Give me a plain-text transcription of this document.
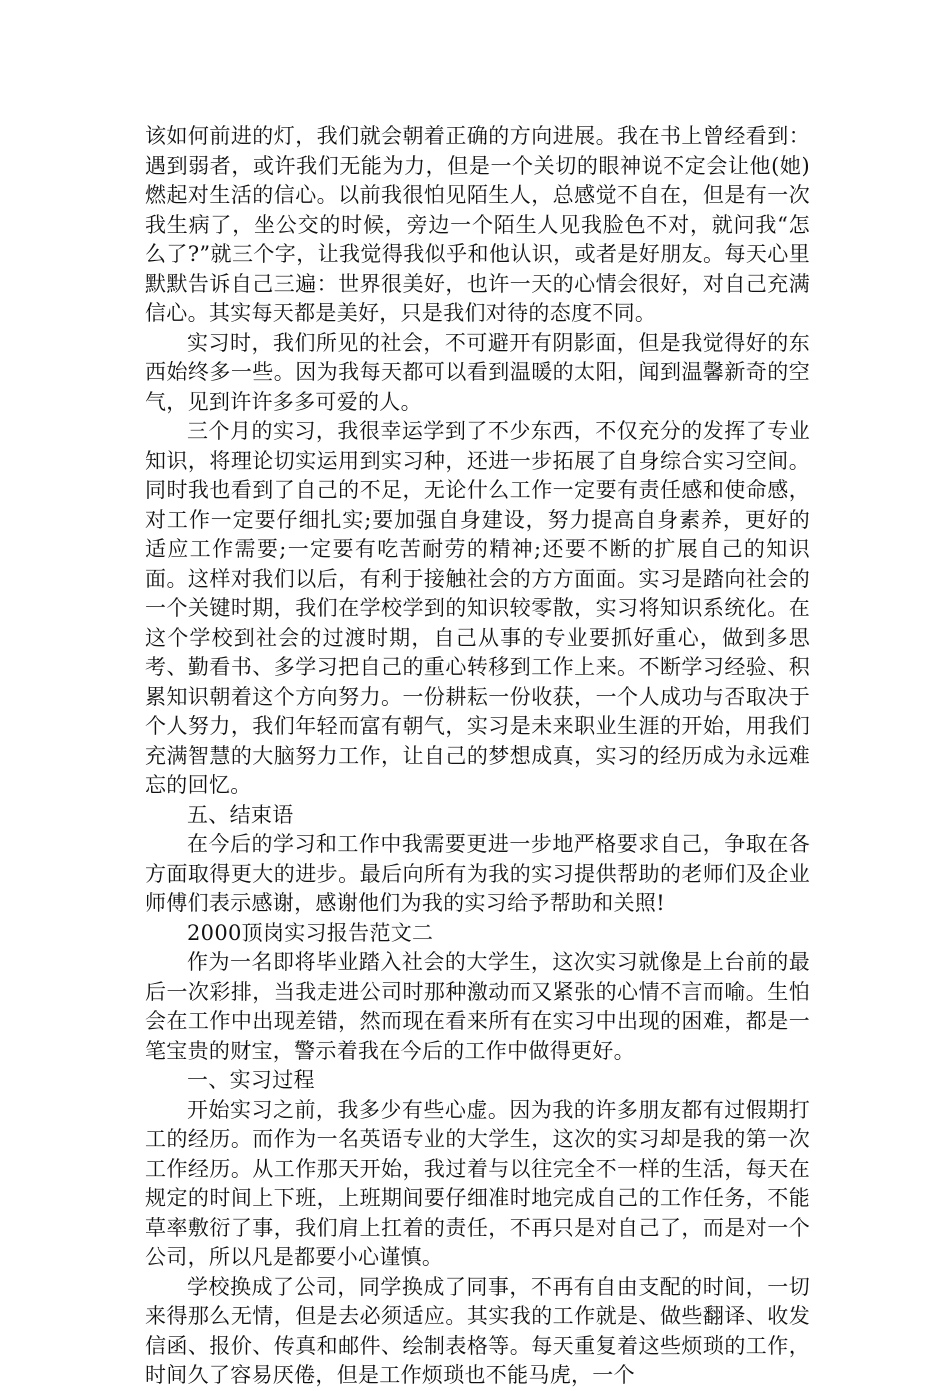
该如何前进的灯，我们就会朝着正确的方向进展。我在书上曾经看到：遇到弱者，或许我们无能为力，但是一个关切的眼神说不定会让他(她)燃起对生活的信心。以前我很怕见陌生人，总感觉不自在，但是有一次我生病了，坐公交的时候，旁边一个陌生人见我脸色不对，就问我“怎么了?”就三个字，让我觉得我似乎和他认识，或者是好朋友。每天心里默默告诉自己三遍：世界很美好，也许一天的心情会很好，对自己充满信心。其实每天都是美好，只是我们对待的态度不同。

实习时，我们所见的社会，不可避开有阴影面，但是我觉得好的东西始终多一些。因为我每天都可以看到温暖的太阳，闻到温馨新奇的空气，见到许许多多可爱的人。

三个月的实习，我很幸运学到了不少东西，不仅充分的发挥了专业知识，将理论切实运用到实习种，还进一步拓展了自身综合实习空间。同时我也看到了自己的不足，无论什么工作一定要有责任感和使命感，对工作一定要仔细扎实;要加强自身建设，努力提高自身素养，更好的适应工作需要;一定要有吃苦耐劳的精神;还要不断的扩展自己的知识面。这样对我们以后，有利于接触社会的方方面面。实习是踏向社会的一个关键时期，我们在学校学到的知识较零散，实习将知识系统化。在这个学校到社会的过渡时期，自己从事的专业要抓好重心，做到多思考、勤看书、多学习把自己的重心转移到工作上来。不断学习经验、积累知识朝着这个方向努力。一份耕耘一份收获，一个人成功与否取决于个人努力，我们年轻而富有朝气，实习是未来职业生涯的开始，用我们充满智慧的大脑努力工作，让自己的梦想成真，实习的经历成为永远难忘的回忆。

五、结束语

在今后的学习和工作中我需要更进一步地严格要求自己，争取在各方面取得更大的进步。最后向所有为我的实习提供帮助的老师们及企业师傅们表示感谢，感谢他们为我的实习给予帮助和关照!

2000顶岗实习报告范文二

作为一名即将毕业踏入社会的大学生，这次实习就像是上台前的最后一次彩排，当我走进公司时那种激动而又紧张的心情不言而喻。生怕会在工作中出现差错，然而现在看来所有在实习中出现的困难，都是一笔宝贵的财宝，警示着我在今后的工作中做得更好。

一、实习过程

开始实习之前，我多少有些心虚。因为我的许多朋友都有过假期打工的经历。而作为一名英语专业的大学生，这次的实习却是我的第一次工作经历。从工作那天开始，我过着与以往完全不一样的生活，每天在规定的时间上下班，上班期间要仔细准时地完成自己的工作任务，不能草率敷衍了事，我们肩上扛着的责任，不再只是对自己了，而是对一个公司，所以凡是都要小心谨慎。

学校换成了公司，同学换成了同事，不再有自由支配的时间，一切来得那么无情，但是去必须适应。其实我的工作就是、做些翻译、收发信函、报价、传真和邮件、绘制表格等。每天重复着这些烦琐的工作，时间久了容易厌倦，但是工作烦琐也不能马虎，一个
